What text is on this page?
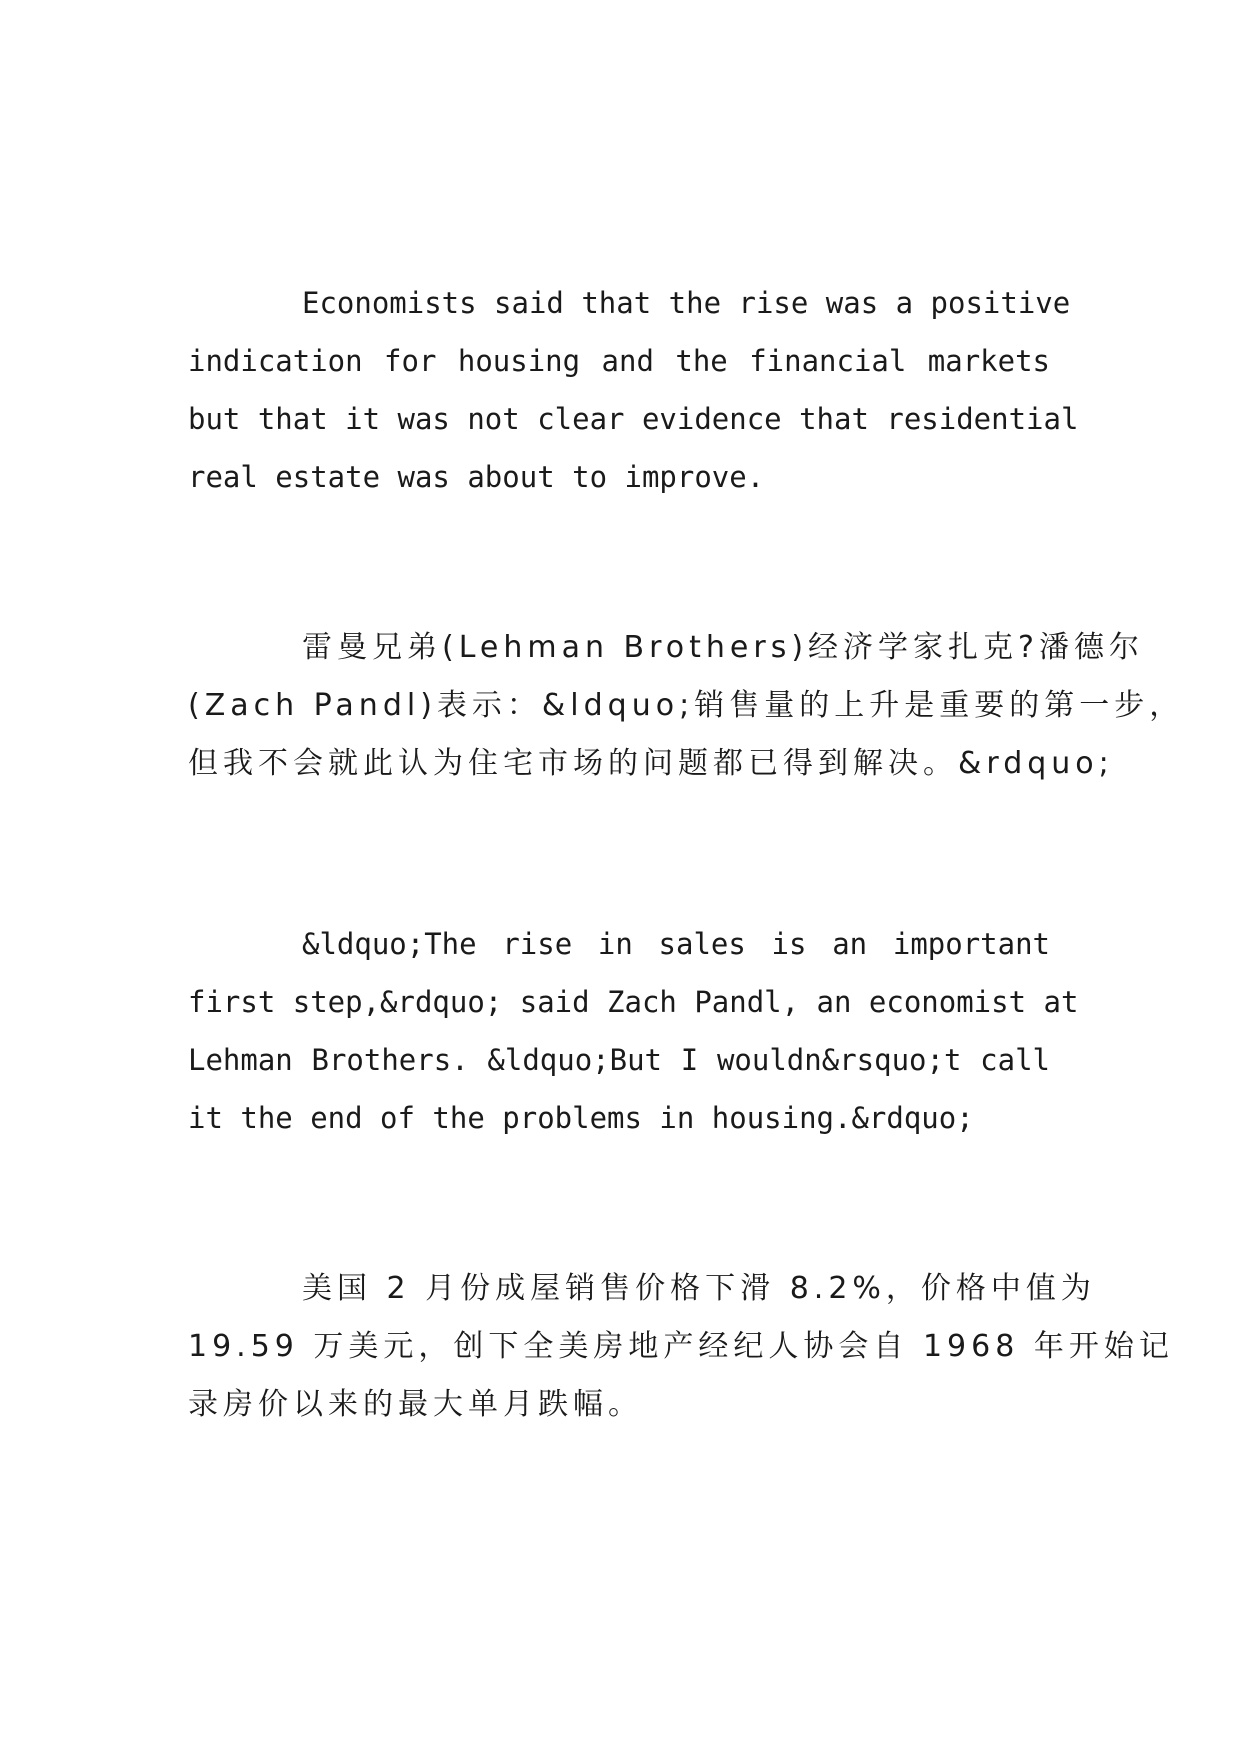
Economists said that the rise was a positive
indication for housing and the financial markets
but that it was not clear evidence that residential
real estate was about to improve.
雷曼兄弟(Lehman Brothers)经济学家扎克?潘德尔
(Zach Pandl)表示：&ldquo;销售量的上升是重要的第一步，
但我不会就此认为住宅市场的问题都已得到解决。&rdquo;
&ldquo;The rise in sales is an important
first step,&rdquo; said Zach Pandl, an economist at
Lehman Brothers. &ldquo;But I wouldn&rsquo;t call
it the end of the problems in housing.&rdquo;
美国 2 月份成屋销售价格下滑 8.2%，价格中值为
19.59 万美元，创下全美房地产经纪人协会自 1968 年开始记
录房价以来的最大单月跌幅。
